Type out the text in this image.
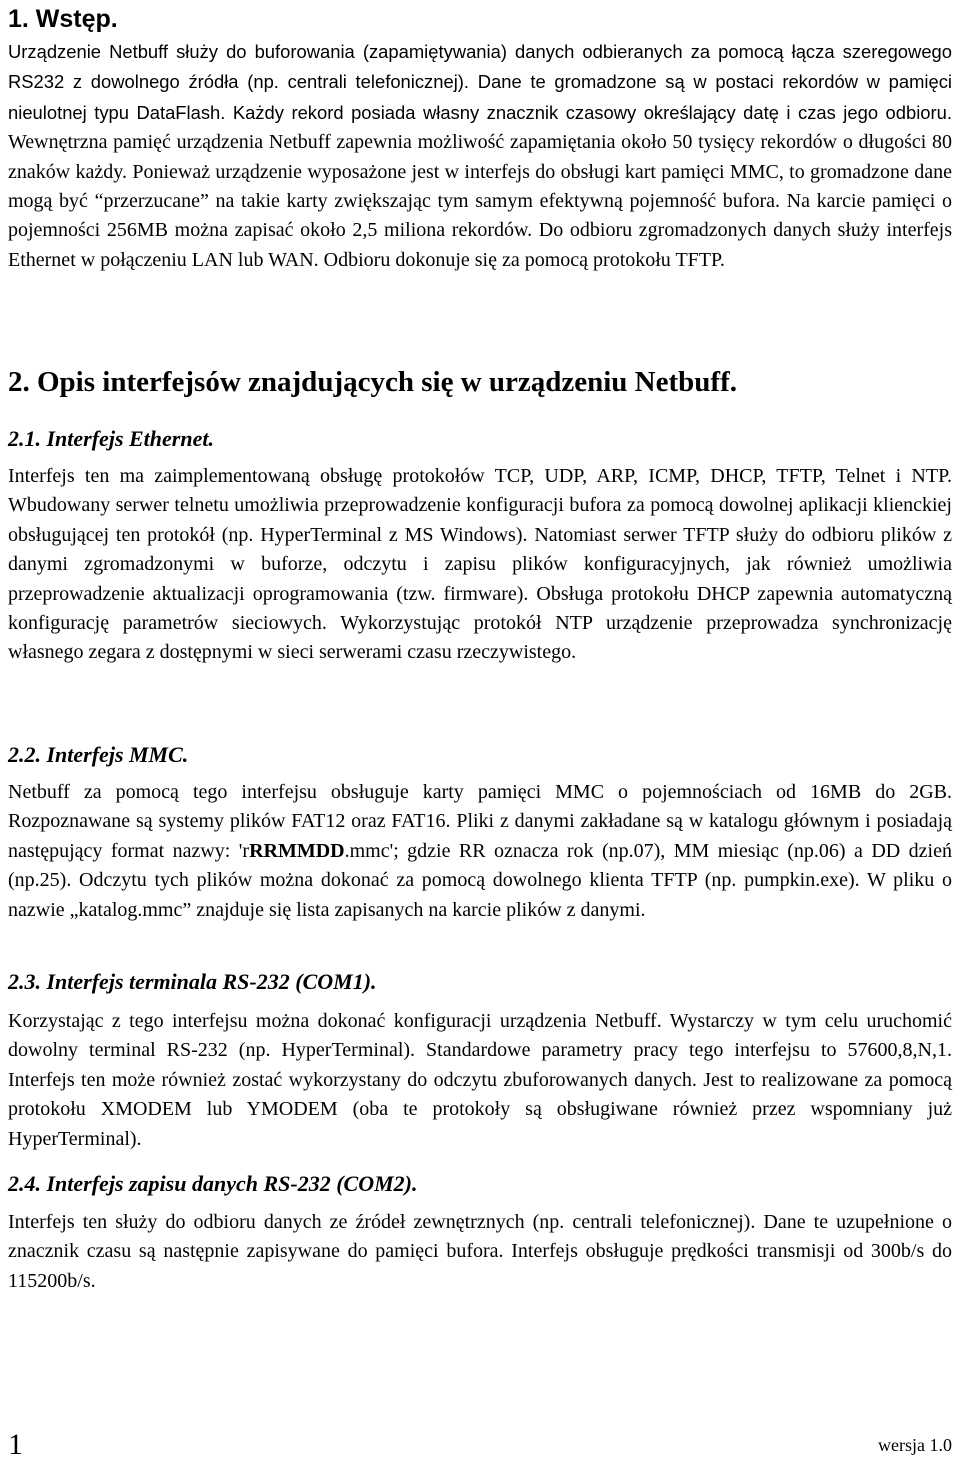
1. Wstęp.

Urządzenie Netbuff służy do buforowania (zapamiętywania) danych odbieranych za pomocą łącza szeregowego RS232 z dowolnego źródła (np. centrali telefonicznej). Dane te gromadzone są w postaci rekordów w pamięci nieulotnej typu DataFlash. Każdy rekord posiada własny znacznik czasowy określający datę i czas jego odbioru. Wewnętrzna pamięć urządzenia Netbuff zapewnia możliwość zapamiętania około 50 tysięcy rekordów o długości 80 znaków każdy. Ponieważ urządzenie wyposażone jest w interfejs do obsługi kart pamięci MMC, to gromadzone dane mogą być “przerzucane” na takie karty zwiększając tym samym efektywną pojemność bufora. Na karcie pamięci o pojemności 256MB można zapisać około 2,5 miliona rekordów. Do odbioru zgromadzonych danych służy interfejs Ethernet w połączeniu LAN lub WAN. Odbioru dokonuje się za pomocą protokołu TFTP.

2. Opis interfejsów znajdujących się w urządzeniu Netbuff.
2.1. Interfejs Ethernet.

Interfejs ten ma zaimplementowaną obsługę protokołów TCP, UDP, ARP, ICMP, DHCP, TFTP, Telnet i NTP. Wbudowany serwer telnetu umożliwia przeprowadzenie konfiguracji bufora za pomocą dowolnej aplikacji klienckiej obsługującej ten protokół (np. HyperTerminal z MS Windows). Natomiast serwer TFTP służy do odbioru plików z danymi zgromadzonymi w buforze, odczytu i zapisu plików konfiguracyjnych, jak również umożliwia przeprowadzenie aktualizacji oprogramowania (tzw. firmware). Obsługa protokołu DHCP zapewnia automatyczną konfigurację parametrów sieciowych. Wykorzystując protokół NTP urządzenie przeprowadza synchronizację własnego zegara z dostępnymi w sieci serwerami czasu rzeczywistego.

2.2. Interfejs MMC.

Netbuff za pomocą tego interfejsu obsługuje karty pamięci MMC o pojemnościach od 16MB do 2GB. Rozpoznawane są systemy plików FAT12 oraz FAT16. Pliki z danymi zakładane są w katalogu głównym i posiadają następujący format nazwy: 'rRRMMDD.mmc'; gdzie RR oznacza rok (np.07), MM miesiąc (np.06) a DD dzień (np.25). Odczytu tych plików można dokonać za pomocą dowolnego klienta TFTP (np. pumpkin.exe). W pliku o nazwie „katalog.mmc” znajduje się lista zapisanych na karcie plików z danymi.

2.3. Interfejs terminala RS-232 (COM1).

Korzystając z tego interfejsu można dokonać konfiguracji urządzenia Netbuff. Wystarczy w tym celu uruchomić dowolny terminal RS-232 (np. HyperTerminal). Standardowe parametry pracy tego interfejsu to 57600,8,N,1. Interfejs ten może również zostać wykorzystany do odczytu zbuforowanych danych. Jest to realizowane za pomocą protokołu XMODEM lub YMODEM (oba te protokoły są obsługiwane również przez wspomniany już HyperTerminal).

2.4. Interfejs zapisu danych RS-232 (COM2).

Interfejs ten służy do odbioru danych ze źródeł zewnętrznych (np. centrali telefonicznej). Dane te uzupełnione o znacznik czasu są następnie zapisywane do pamięci bufora. Interfejs obsługuje prędkości transmisji od 300b/s do 115200b/s.

1	wersja 1.0
